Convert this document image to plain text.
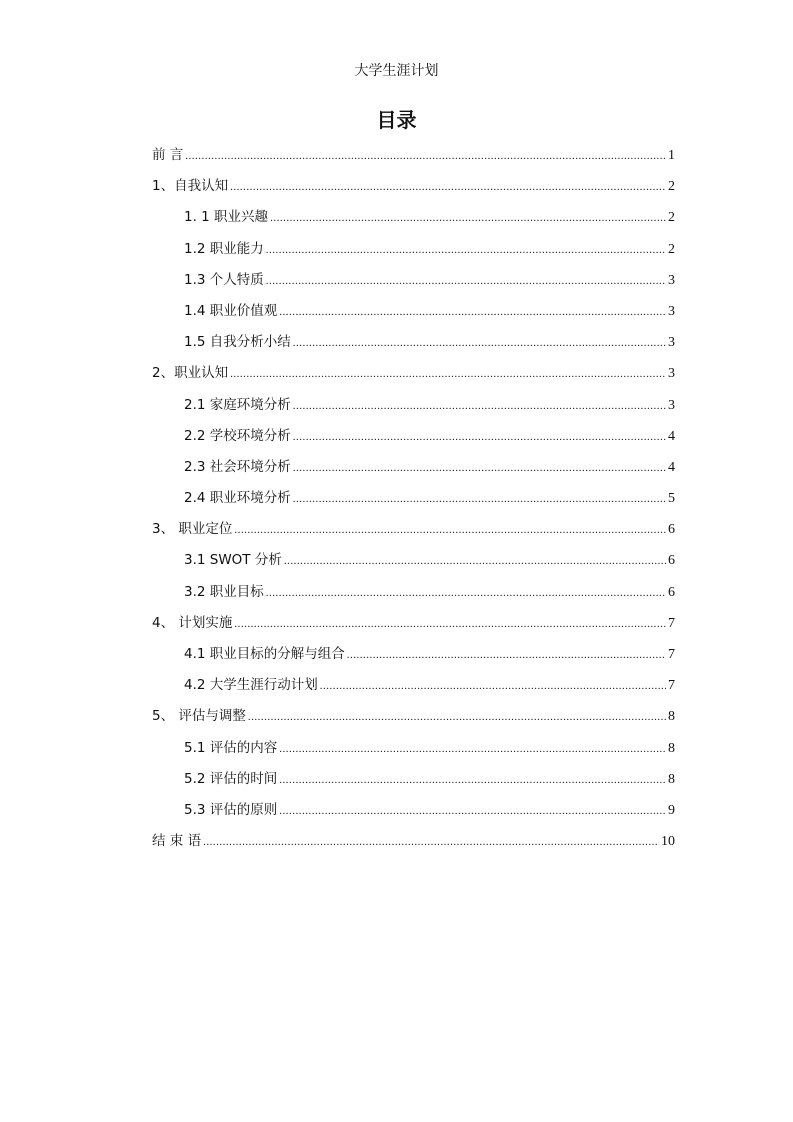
大学生涯计划
目录
前 言 .....	1
1、自我认知 .....	2
1. 1 职业兴趣 .....	2
1.2 职业能力 .....	2
1.3 个人特质 .....	3
1.4 职业价值观 .....	3
1.5 自我分析小结 .....	3
2、职业认知 .....	3
2.1 家庭环境分析 .....	3
2.2 学校环境分析 .....	4
2.3 社会环境分析 .....	4
2.4 职业环境分析 .....	5
3、 职业定位 .....	6
3.1 SWOT 分析 .....	6
3.2 职业目标 .....	6
4、 计划实施 .....	7
4.1 职业目标的分解与组合 .....	7
4.2 大学生涯行动计划 .....	7
5、 评估与调整 .....	8
5.1 评估的内容 .....	8
5.2 评估的时间 .....	8
5.3 评估的原则 .....	9
结 束 语 .....	10
